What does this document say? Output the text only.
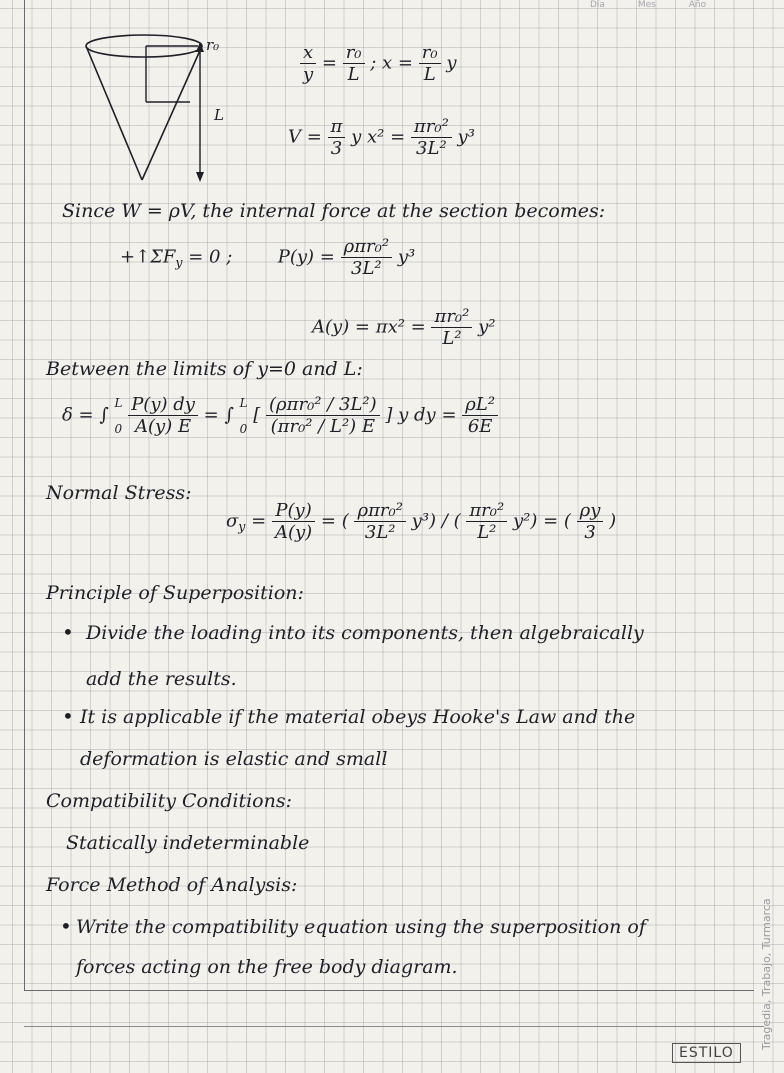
Día	Mes	Año
r₀
L
$\frac{x}{y} = \frac{\text{r₀}}{L}$ ; $x = \frac{\text{r₀}}{L}$ y
$V = \frac{\pi}{3}$ y $x^2 = \frac{\text{πr₀²}}{\text{3L²}} y^3$
Since W = ρV, the internal force at the section becomes:
$+↑\Sigma F_y = 0$ ;	$P(y) = \frac{\text{ρπr₀²}}{\text{3L²}} y^3$
$A(y) = \pi x^2 = \frac{\text{πr₀²}}{\text{L²}} y^2$
Between the limits of y=0 and L:
δ = ∫
L
0
$\frac{P(y) dy}{A(y) E}$ = ∫
L
0
[ $\frac{\text{(ρπr₀² / 3L²)}}{\text{(πr₀² / L²) E}}$ ] y dy = $\frac{\text{ρL²}}{6E}$
Normal Stress:
$\sigma_y = \frac{P(y)}{A(y)}$ = ( $\frac{\text{ρπr₀²}}{\text{3L²}} y^3$) / ( $\frac{\text{πr₀²}}{\text{L²}} y^2$) = ( $\frac{\rho y}{3}$ )
Principle of Superposition:
• Divide the loading into its components, then algebraically
add the results.
• It is applicable if the material obeys Hooke's Law and the
deformation is elastic and small
Compatibility Conditions:
Statically indeterminable
Force Method of Analysis:
• Write the compatibility equation using the superposition of
forces acting on the free body diagram.
ESTILO
Tragedia, Trabajo, Turmarca
